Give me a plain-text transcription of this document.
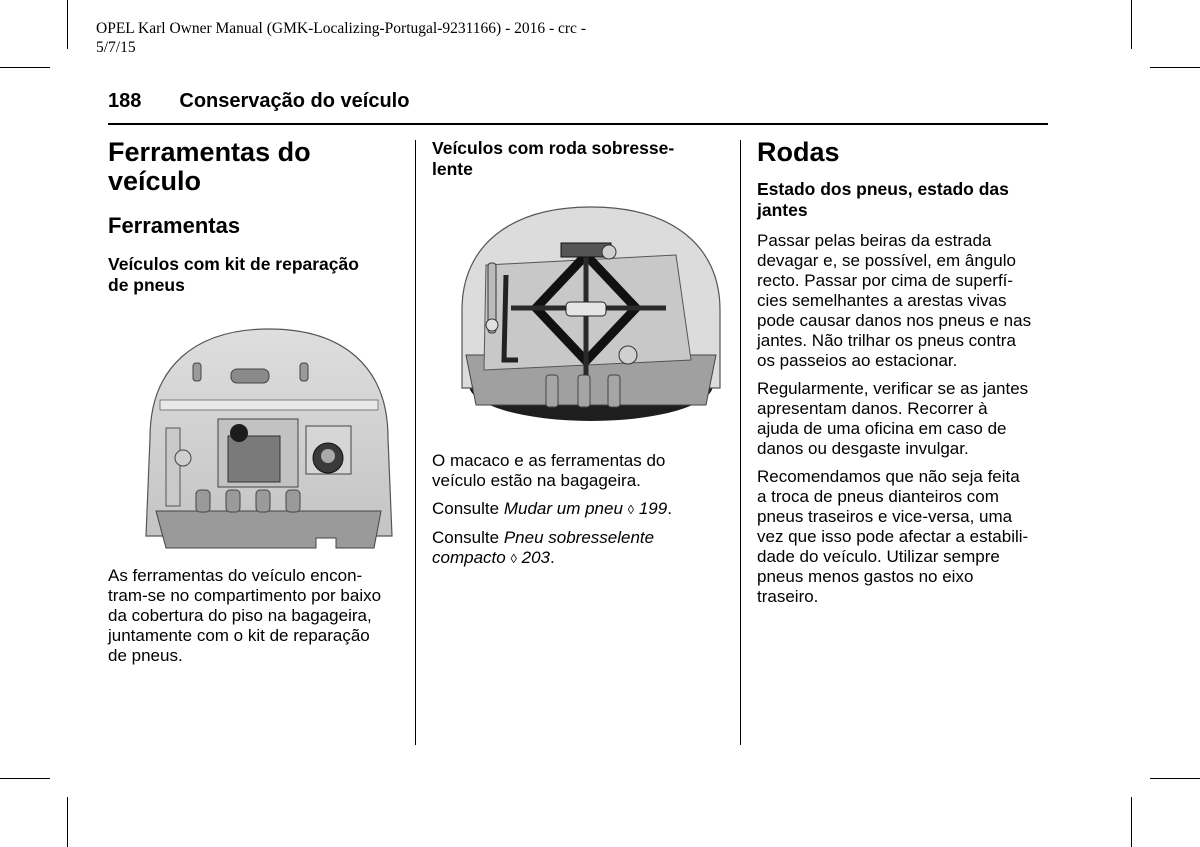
OPEL Karl Owner Manual (GMK-Localizing-Portugal-9231166) - 2016 - crc -
5/7/15
188 Conservação do veículo
Ferramentas do
veículo
Ferramentas
Veículos com kit de reparação
de pneus

As ferramentas do veículo encon-

tram-se no compartimento por baixo

da cobertura do piso na bagageira,

juntamente com o kit de reparação

de pneus.

Veículos com roda sobresse-
lente

O macaco e as ferramentas do

veículo estão na bagageira.

Consulte Mudar um pneu ◊ 199.

Consulte Pneu sobresselente

compacto ◊ 203.

Rodas
Estado dos pneus, estado das
jantes

Passar pelas beiras da estrada

devagar e, se possível, em ângulo

recto. Passar por cima de superfí-

cies semelhantes a arestas vivas

pode causar danos nos pneus e nas

jantes. Não trilhar os pneus contra

os passeios ao estacionar.

Regularmente, verificar se as jantes

apresentam danos. Recorrer à

ajuda de uma oficina em caso de

danos ou desgaste invulgar.

Recomendamos que não seja feita

a troca de pneus dianteiros com

pneus traseiros e vice-versa, uma

vez que isso pode afectar a estabili-

dade do veículo. Utilizar sempre

pneus menos gastos no eixo

traseiro.
